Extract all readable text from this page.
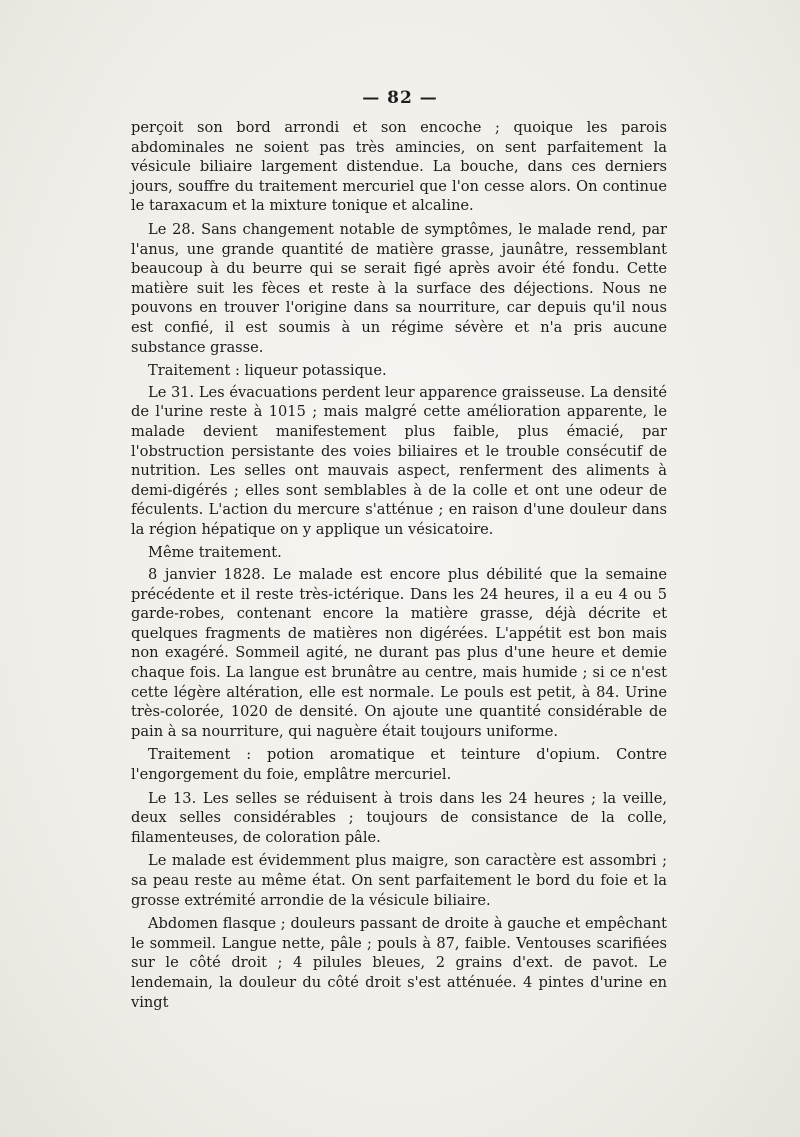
— 82 —

perçoit son bord arrondi et son encoche ; quoique les parois abdominales ne soient pas très amincies, on sent parfaitement la vésicule biliaire largement distendue. La bouche, dans ces derniers jours, souffre du traitement mercuriel que l'on cesse alors. On continue le taraxacum et la mixture tonique et alcaline.

Le 28. Sans changement notable de symptômes, le malade rend, par l'anus, une grande quantité de matière grasse, jaunâtre, ressemblant beaucoup à du beurre qui se serait figé après avoir été fondu. Cette matière suit les fèces et reste à la surface des déjections. Nous ne pouvons en trouver l'origine dans sa nourriture, car depuis qu'il nous est confié, il est soumis à un régime sévère et n'a pris aucune substance grasse.

Traitement : liqueur potassique.

Le 31. Les évacuations perdent leur apparence graisseuse. La densité de l'urine reste à 1015 ; mais malgré cette amélioration apparente, le malade devient manifestement plus faible, plus émacié, par l'obstruction persistante des voies biliaires et le trouble consécutif de nutrition. Les selles ont mauvais aspect, renferment des aliments à demi-digérés ; elles sont semblables à de la colle et ont une odeur de féculents. L'action du mercure s'atténue ; en raison d'une douleur dans la région hépatique on y applique un vésicatoire.

Même traitement.

8 janvier 1828. Le malade est encore plus débilité que la semaine précédente et il reste très-ictérique. Dans les 24 heures, il a eu 4 ou 5 garde-robes, contenant encore la matière grasse, déjà décrite et quelques fragments de matières non digérées. L'appétit est bon mais non exagéré. Sommeil agité, ne durant pas plus d'une heure et demie chaque fois. La langue est brunâtre au centre, mais humide ; si ce n'est cette légère altération, elle est normale. Le pouls est petit, à 84. Urine très-colorée, 1020 de densité. On ajoute une quantité considérable de pain à sa nourriture, qui naguère était toujours uniforme.

Traitement : potion aromatique et teinture d'opium. Contre l'engorgement du foie, emplâtre mercuriel.

Le 13. Les selles se réduisent à trois dans les 24 heures ; la veille, deux selles considérables ; toujours de consistance de la colle, filamenteuses, de coloration pâle.

Le malade est évidemment plus maigre, son caractère est assombri ; sa peau reste au même état. On sent parfaitement le bord du foie et la grosse extrémité arrondie de la vésicule biliaire.

Abdomen flasque ; douleurs passant de droite à gauche et empêchant le sommeil. Langue nette, pâle ; pouls à 87, faible. Ventouses scarifiées sur le côté droit ; 4 pilules bleues, 2 grains d'ext. de pavot. Le lendemain, la douleur du côté droit s'est atténuée. 4 pintes d'urine en vingt
